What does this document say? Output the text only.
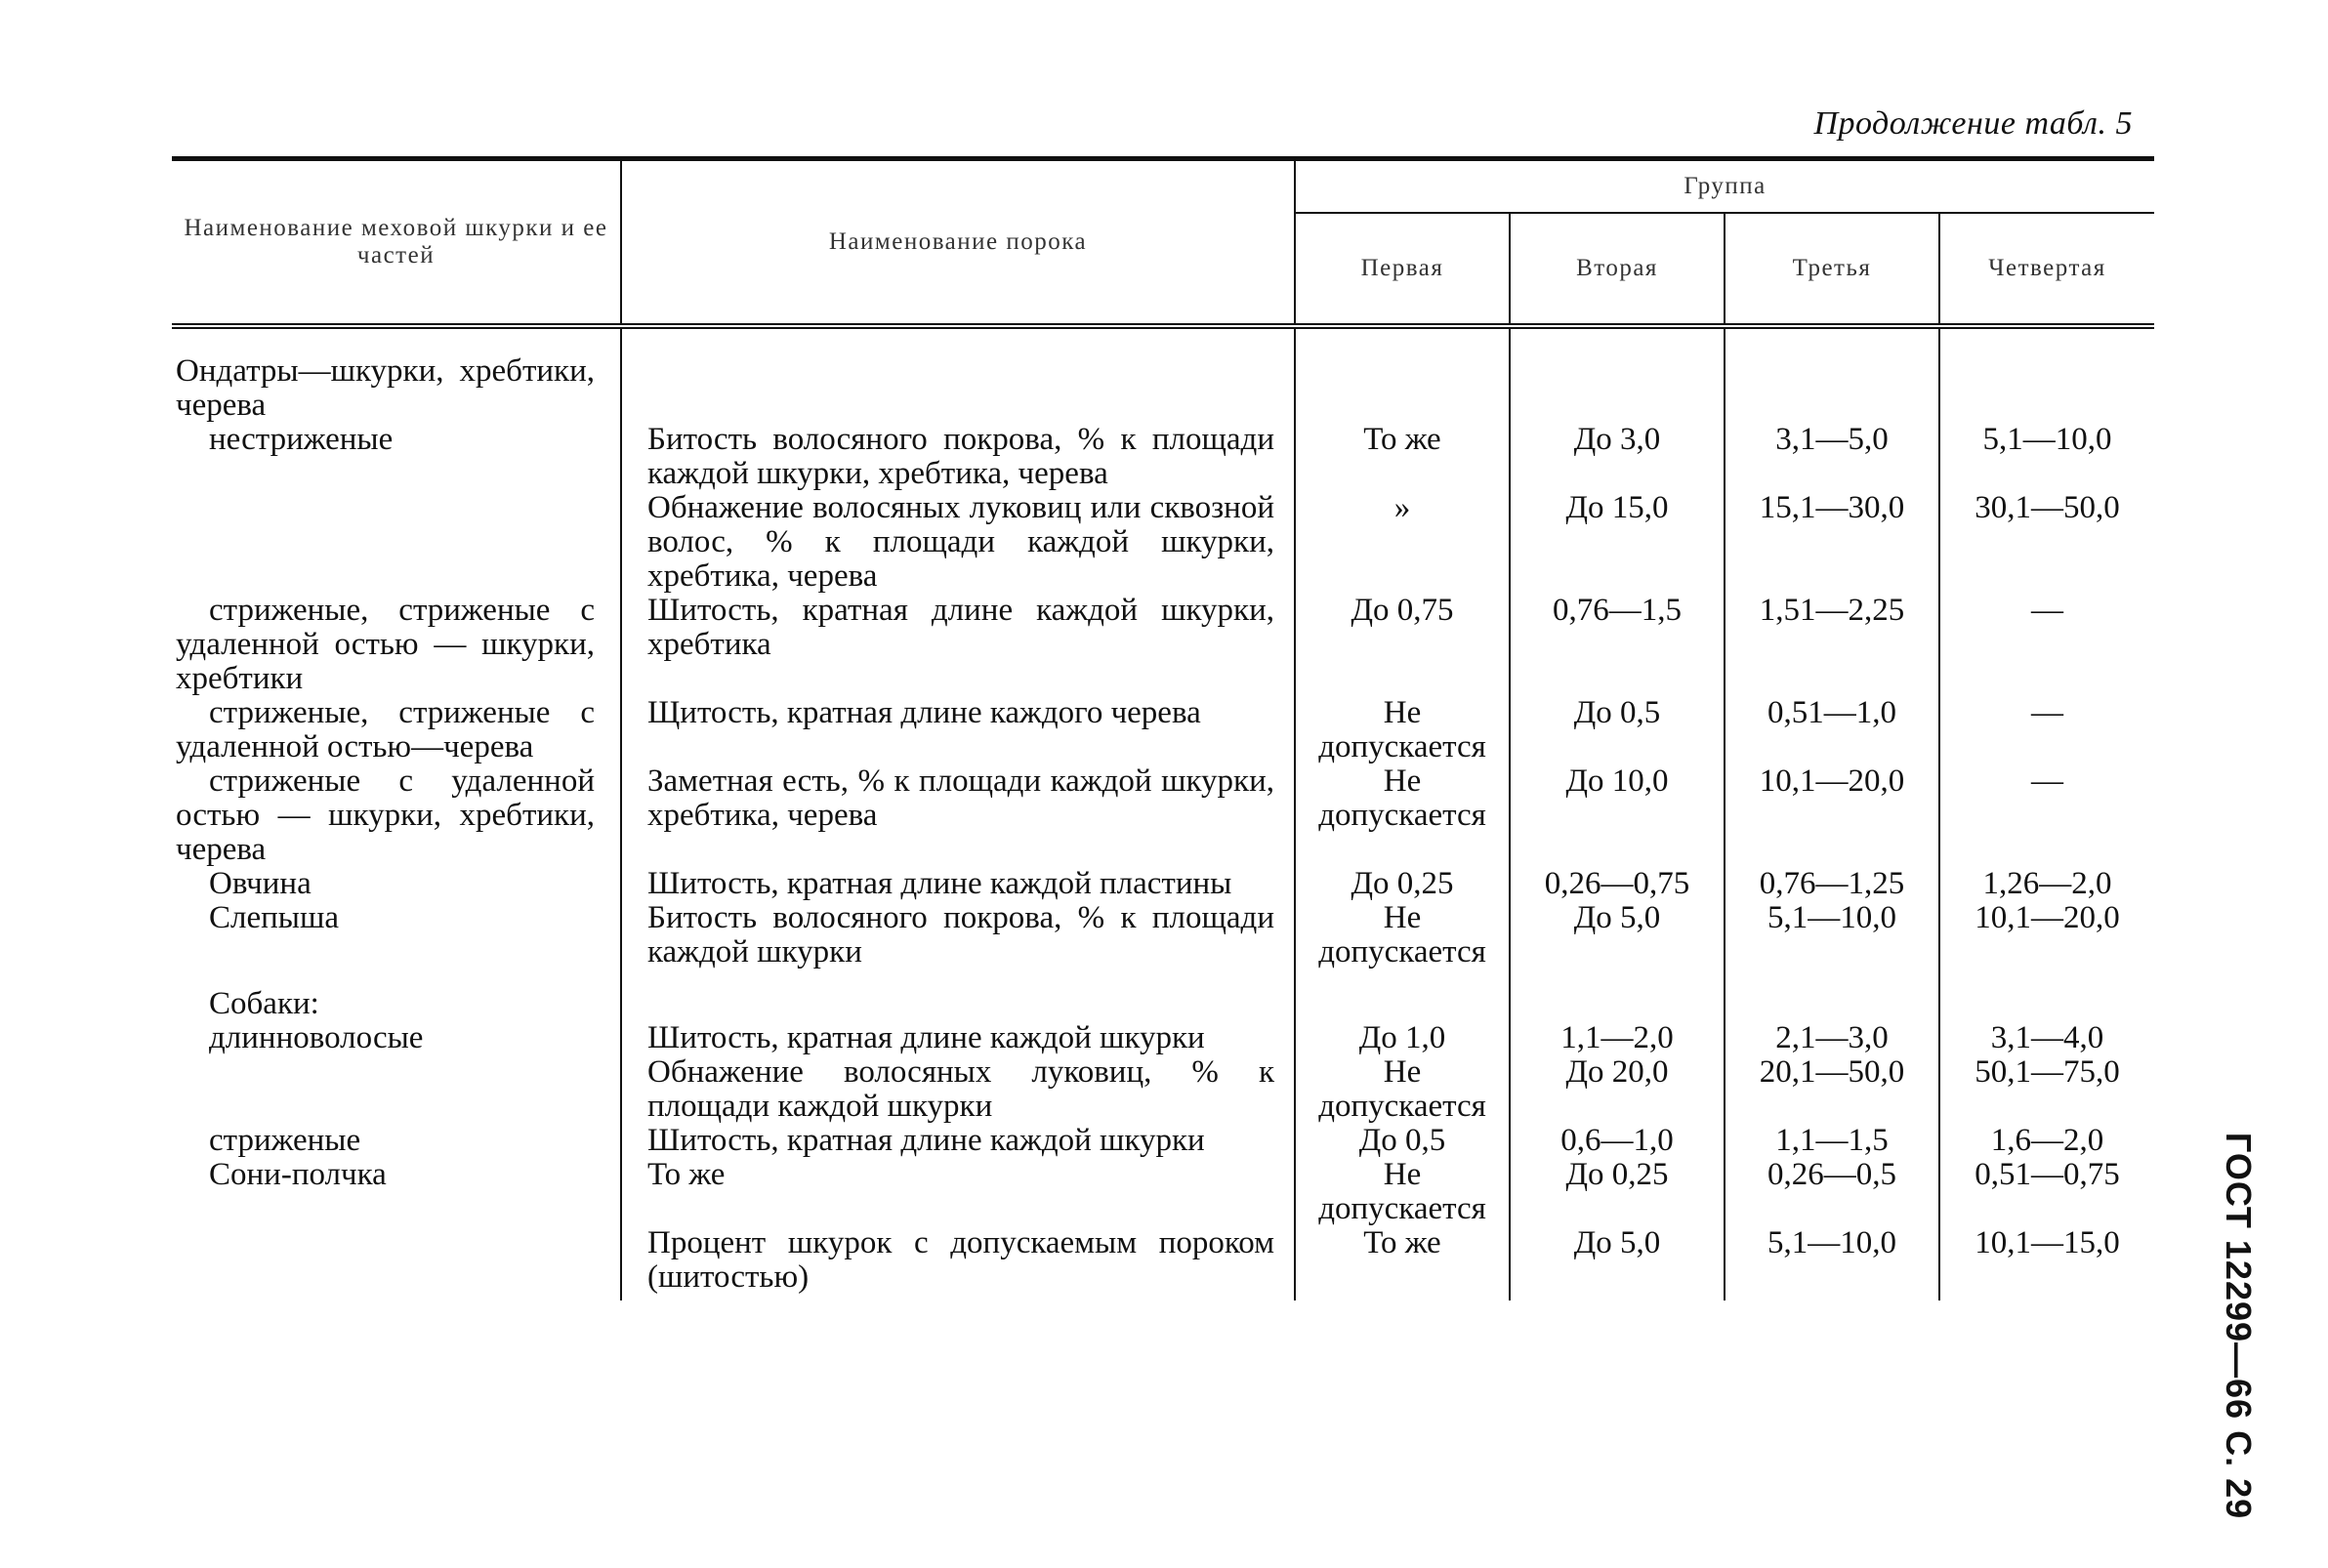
Продолжение табл. 5
ГОСТ 12299—66 С. 29
Наименование меховой шкурки и ее частей	Наименование порока	Группа			
		Первая	Вторая	Третья	Четвертая

Ондатры—шкурки, хребтики, черева					
нестриженые	Битость волосяного покрова, % к площади каждой шкурки, хребтика, черева	То же	До 3,0	3,1—5,0	5,1—10,0
	Обнажение волосяных луковиц или сквозной волос, % к площади каждой шкурки, хребтика, черева	»	До 15,0	15,1—30,0	30,1—50,0
стриженые, стриженые с удаленной остью — шкурки, хребтики	Шитость, кратная длине каждой шкурки, хребтика	До 0,75	0,76—1,5	1,51—2,25	—
стриженые, стриженые с удаленной остью—черева	Щитость, кратная длине каждого черева	Не допускается	До 0,5	0,51—1,0	—
стриженые с удаленной остью — шкурки, хребтики, черева	Заметная есть, % к площади каждой шкурки, хребтика, черева	Не допускается	До 10,0	10,1—20,0	—
Овчина	Шитость, кратная длине каждой пластины	До 0,25	0,26—0,75	0,76—1,25	1,26—2,0
Слепыша	Битость волосяного покрова, % к площади каждой шкурки	Не допускается	До 5,0	5,1—10,0	10,1—20,0
Собаки:					
длинноволосые	Шитость, кратная длине каждой шкурки	До 1,0	1,1—2,0	2,1—3,0	3,1—4,0
	Обнажение волосяных луковиц, % к площади каждой шкурки	Не допускается	До 20,0	20,1—50,0	50,1—75,0
стриженые	Шитость, кратная длине каждой шкурки	До 0,5	0,6—1,0	1,1—1,5	1,6—2,0
Сони-полчка	То же	Не допускается	До 0,25	0,26—0,5	0,51—0,75
	Процент шкурок с допускаемым пороком (шитостью)	То же	До 5,0	5,1—10,0	10,1—15,0
